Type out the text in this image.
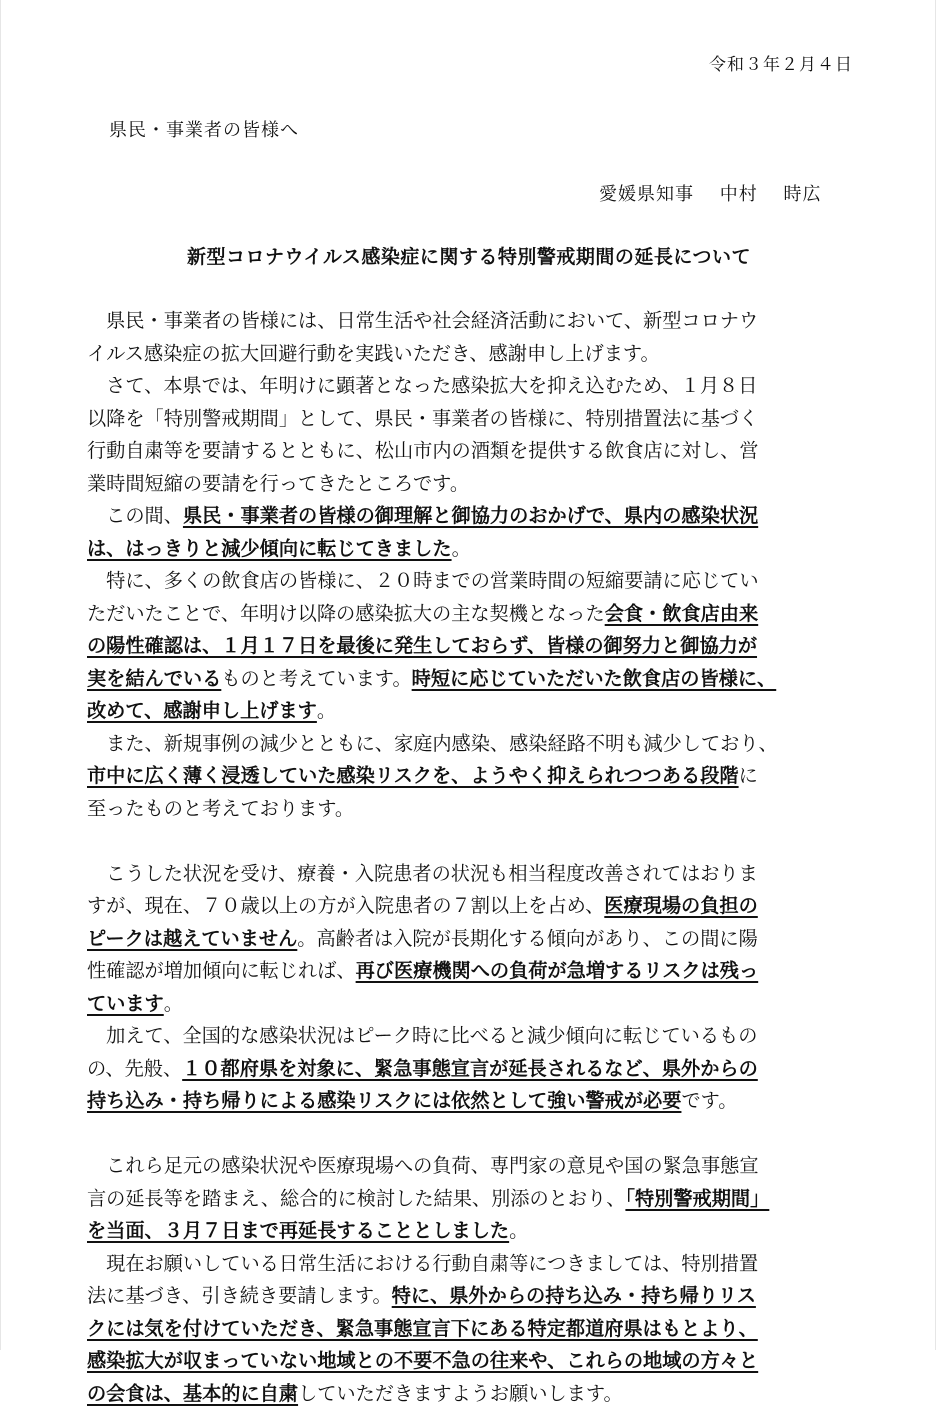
令和３年２月４日
県民・事業者の皆様へ
愛媛県知事　 中村　 時広
新型コロナウイルス感染症に関する特別警戒期間の延長について
　県民・事業者の皆様には、日常生活や社会経済活動において、新型コロナウ
イルス感染症の拡大回避行動を実践いただき、感謝申し上げます。
　さて、本県では、年明けに顕著となった感染拡大を抑え込むため、１月８日
以降を「特別警戒期間」として、県民・事業者の皆様に、特別措置法に基づく
行動自粛等を要請するとともに、松山市内の酒類を提供する飲食店に対し、営
業時間短縮の要請を行ってきたところです。
　この間、県民・事業者の皆様の御理解と御協力のおかげで、県内の感染状況
は、はっきりと減少傾向に転じてきました。
　特に、多くの飲食店の皆様に、２０時までの営業時間の短縮要請に応じてい
ただいたことで、年明け以降の感染拡大の主な契機となった会食・飲食店由来
の陽性確認は、１月１７日を最後に発生しておらず、皆様の御努力と御協力が
実を結んでいるものと考えています。時短に応じていただいた飲食店の皆様に、
改めて、感謝申し上げます。
　また、新規事例の減少とともに、家庭内感染、感染経路不明も減少しており、
市中に広く薄く浸透していた感染リスクを、ようやく抑えられつつある段階に
至ったものと考えております。
　こうした状況を受け、療養・入院患者の状況も相当程度改善されてはおりま
すが、現在、７０歳以上の方が入院患者の７割以上を占め、医療現場の負担の
ピークは越えていません。高齢者は入院が長期化する傾向があり、この間に陽
性確認が増加傾向に転じれば、再び医療機関への負荷が急増するリスクは残っ
ています。
　加えて、全国的な感染状況はピーク時に比べると減少傾向に転じているもの
の、先般、１０都府県を対象に、緊急事態宣言が延長されるなど、県外からの
持ち込み・持ち帰りによる感染リスクには依然として強い警戒が必要です。
　これら足元の感染状況や医療現場への負荷、専門家の意見や国の緊急事態宣
言の延長等を踏まえ、総合的に検討した結果、別添のとおり、「特別警戒期間」
を当面、３月７日まで再延長することとしました。
　現在お願いしている日常生活における行動自粛等につきましては、特別措置
法に基づき、引き続き要請します。特に、県外からの持ち込み・持ち帰りリス
クには気を付けていただき、緊急事態宣言下にある特定都道府県はもとより、
感染拡大が収まっていない地域との不要不急の往来や、これらの地域の方々と
の会食は、基本的に自粛していただきますようお願いします。
